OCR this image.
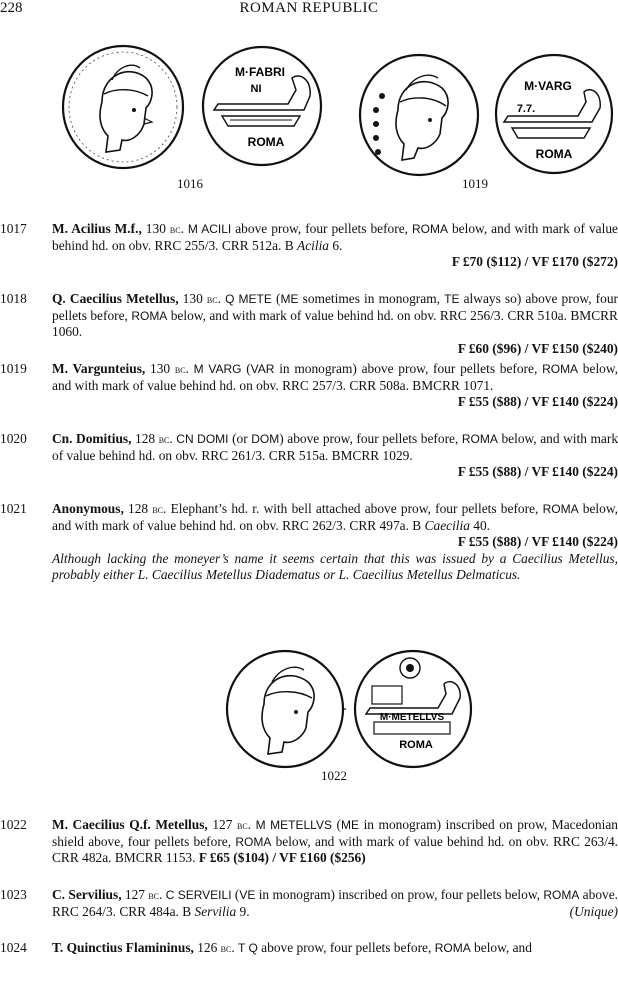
228	ROMAN REPUBLIC
M·FABRI
NI
ROMA
1016
M·VARG
7.7.
ROMA
1019
1017 M. Acilius M.f., 130 bc. M ACILI above prow, four pellets before, ROMA below, and with mark of value behind hd. on obv. RRC 255/3. CRR 512a. B Acilia 6.
F £70 ($112) / VF £170 ($272)
1018 Q. Caecilius Metellus, 130 bc. Q METE (ME sometimes in monogram, TE always so) above prow, four pellets before, ROMA below, and with mark of value behind hd. on obv. RRC 256/3. CRR 510a. BMCRR 1060.
F £60 ($96) / VF £150 ($240)
1019 M. Vargunteius, 130 bc. M VARG (VAR in monogram) above prow, four pellets before, ROMA below, and with mark of value behind hd. on obv. RRC 257/3. CRR 508a. BMCRR 1071.
F £55 ($88) / VF £140 ($224)
1020 Cn. Domitius, 128 bc. CN DOMI (or DOM) above prow, four pellets before, ROMA below, and with mark of value behind hd. on obv. RRC 261/3. CRR 515a. BMCRR 1029.
F £55 ($88) / VF £140 ($224)
1021 Anonymous, 128 bc. Elephant’s hd. r. with bell attached above prow, four pellets before, ROMA below, and with mark of value behind hd. on obv. RRC 262/3. CRR 497a. B Caecilia 40.
F £55 ($88) / VF £140 ($224)
Although lacking the moneyer’s name it seems certain that this was issued by a Caecilius Metellus, probably either L. Caecilius Metellus Diadematus or L. Caecilius Metellus Delmaticus.
M·METELLVS
ROMA
1022
1022 M. Caecilius Q.f. Metellus, 127 bc. M METELLVS (ME in monogram) inscribed on prow, Macedonian shield above, four pellets before, ROMA below, and with mark of value behind hd. on obv. RRC 263/4. CRR 482a. BMCRR 1153. F £65 ($104) / VF £160 ($256)
1023 C. Servilius, 127 bc. C SERVEILI (VE in monogram) inscribed on prow, four pellets below, ROMA above. RRC 264/3. CRR 484a. B Servilia 9.	(Unique)
1024 T. Quinctius Flamininus, 126 bc. T Q above prow, four pellets before, ROMA below, and
